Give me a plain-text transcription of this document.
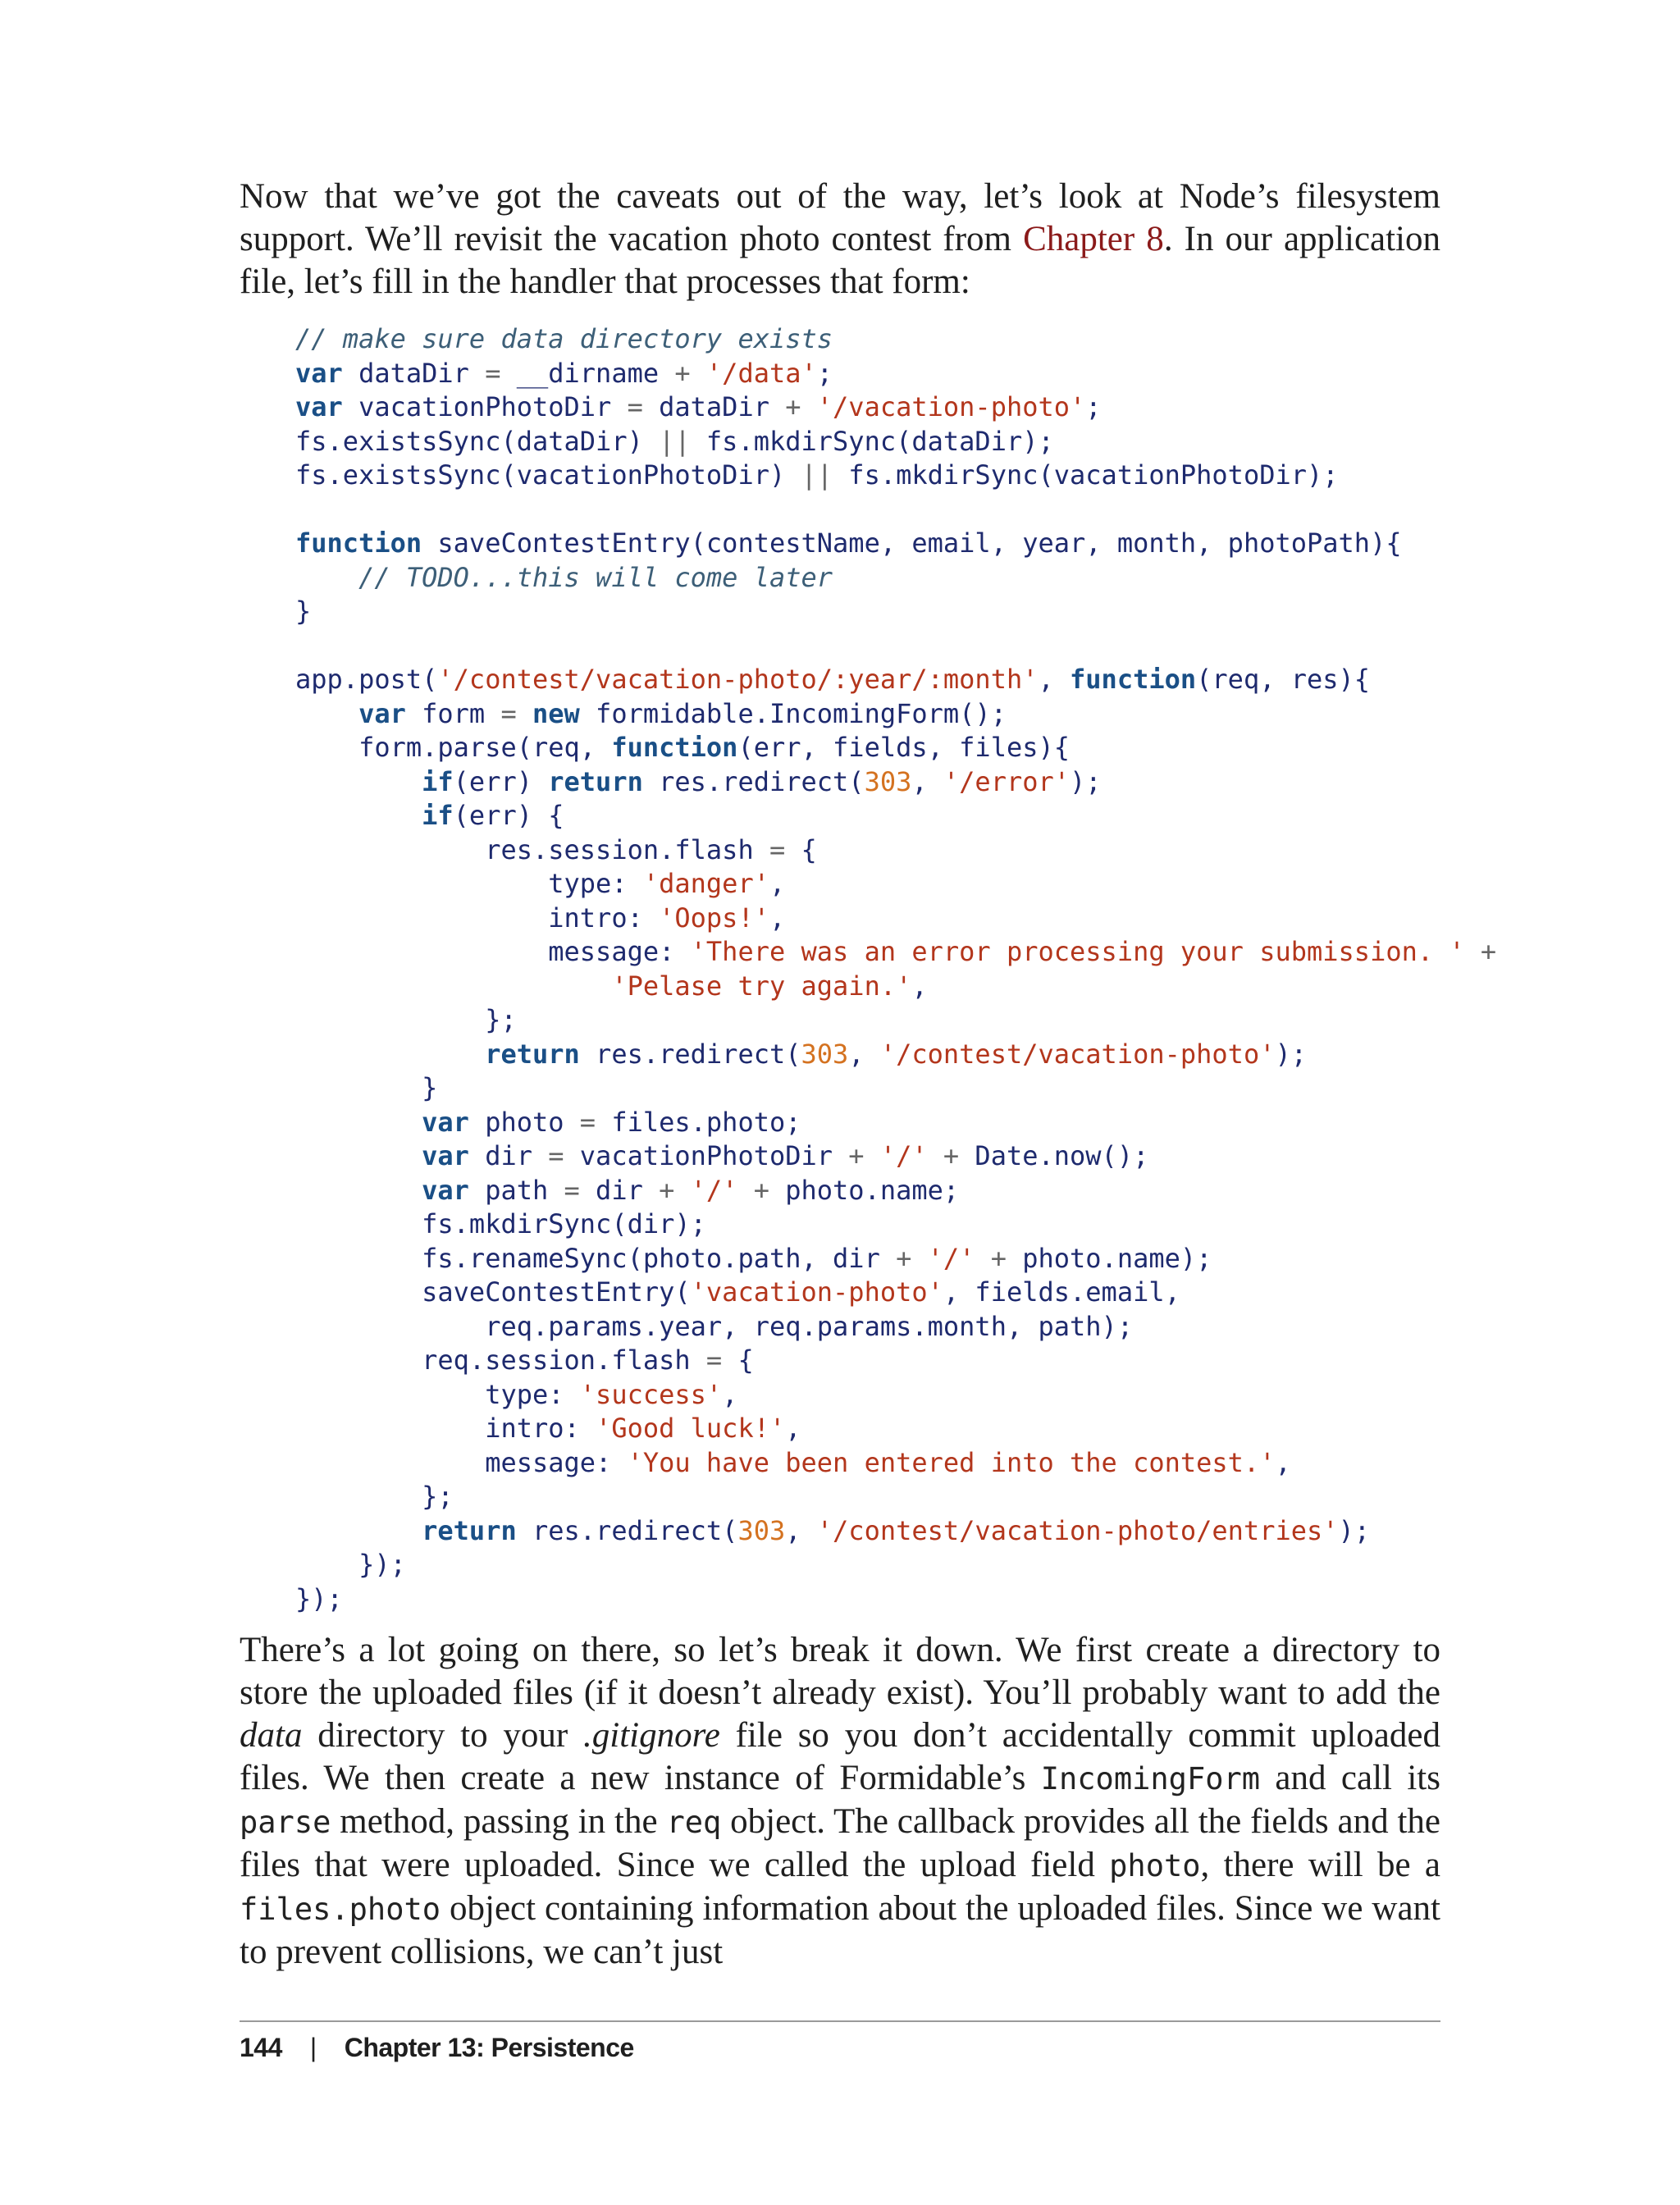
Now that we’ve got the caveats out of the way, let’s look at Node’s filesystem support. We’ll revisit the vacation photo contest from Chapter 8. In our application file, let’s fill in the handler that processes that form:

// make sure data directory exists
var dataDir = __dirname + '/data';
var vacationPhotoDir = dataDir + '/vacation-photo';
fs.existsSync(dataDir) || fs.mkdirSync(dataDir);
fs.existsSync(vacationPhotoDir) || fs.mkdirSync(vacationPhotoDir);

function saveContestEntry(contestName, email, year, month, photoPath){
// TODO...this will come later
}

app.post('/contest/vacation-photo/:year/:month', function(req, res){
var form = new formidable.IncomingForm();
form.parse(req, function(err, fields, files){
if(err) return res.redirect(303, '/error');
if(err) {
res.session.flash = {
type: 'danger',
intro: 'Oops!',
message: 'There was an error processing your submission. ' +
'Pelase try again.',
};
return res.redirect(303, '/contest/vacation-photo');
}
var photo = files.photo;
var dir = vacationPhotoDir + '/' + Date.now();
var path = dir + '/' + photo.name;
fs.mkdirSync(dir);
fs.renameSync(photo.path, dir + '/' + photo.name);
saveContestEntry('vacation-photo', fields.email,
req.params.year, req.params.month, path);
req.session.flash = {
type: 'success',
intro: 'Good luck!',
message: 'You have been entered into the contest.',
};
return res.redirect(303, '/contest/vacation-photo/entries');
});
});

There’s a lot going on there, so let’s break it down. We first create a directory to store the uploaded files (if it doesn’t already exist). You’ll probably want to add the data directory to your .gitignore file so you don’t accidentally commit uploaded files. We then create a new instance of Formidable’s IncomingForm and call its parse method, passing in the req object. The callback provides all the fields and the files that were uploaded. Since we called the upload field photo, there will be a files.photo object containing information about the uploaded files. Since we want to prevent collisions, we can’t just

144 | Chapter 13: Persistence
